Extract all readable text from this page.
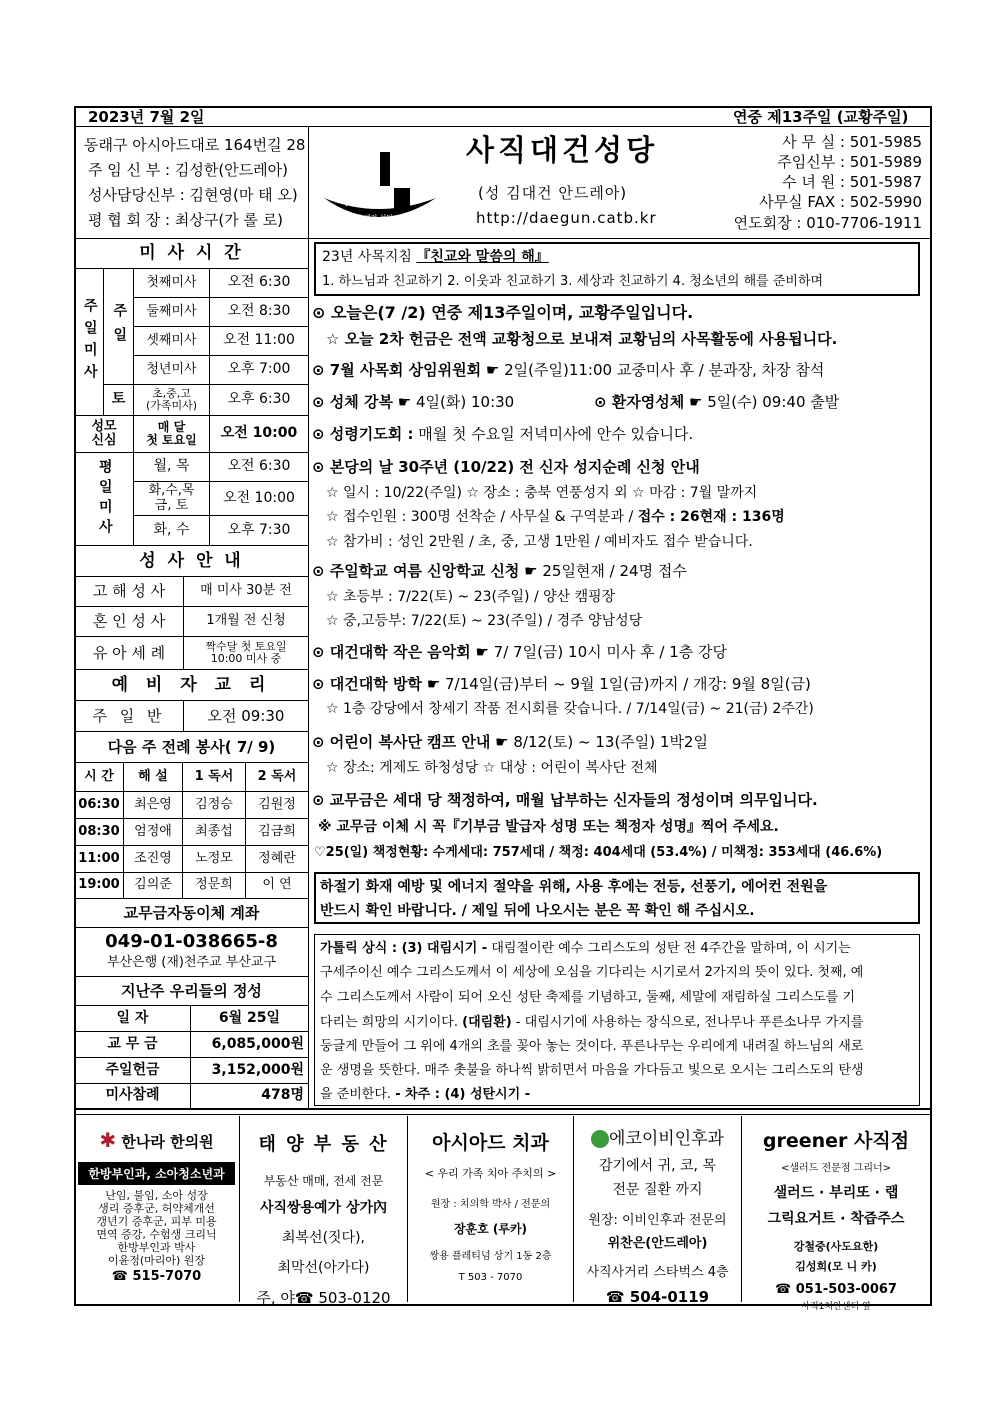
2023년 7월 2일	연중 제13주일 (교황주일)
동래구 아시아드대로 164번길 28
주 임 신 부 : 김성한(안드레아)
성사담당신부 : 김현영(마 태 오)
평 협 회 장 : 최상구(가 롤 로)	사직 대건 성당
사직대건성당
(성 김대건 안드레아)
http://daegun.catb.kr
사 무 실 : 501-5985
주임신부 : 501-5989
수 녀 원 : 501-5987
사무실 FAX : 502-5990
연도회장 : 010-7706-1911
미 사 시 간
주일미사 주일
토
첫째미사	오전 6:30
둘째미사	오전 8:30
셋째미사	오전 11:00
청년미사	오후 7:00
초,중,고
(가족미사)	오후 6:30
성모
신심
매 달
첫 토요일	오전 10:00
평일미사	월, 목	오전 6:30
화,수,목
금, 토	오전 10:00
화, 수	오후 7:30
성 사 안 내
고 해 성 사	매 미사 30분 전
혼 인 성 사	1개월 전 신청
유 아 세 례	짝수달 첫 토요일
10:00 미사 중
예 비 자 교 리
주 일 반	오전 09:30
다음 주 전례 봉사( 7/ 9)
시 간	해 설	1 독서	2 독서
06:30	최은영	김정승	김원정
08:30	엄정애	최종섭	김금희
11:00	조진영	노정모	정혜란
19:00	김의준	정문희	이 연
교무금자동이체 계좌
049-01-038665-8
부산은행 (재)천주교 부산교구
지난주 우리들의 정성
일 자	6월 25일
교 무 금	6,085,000원
주일헌금	3,152,000원
미사참례	478명
23년 사목지침 『친교와 말씀의 해』
1. 하느님과 친교하기 2. 이웃과 친교하기 3. 세상과 친교하기 4. 청소년의 해를 준비하며
⊙ 오늘은(7 /2) 연중 제13주일이며, 교황주일입니다.
☆ 오늘 2차 헌금은 전액 교황청으로 보내져 교황님의 사목활동에 사용됩니다.
⊙ 7월 사목회 상임위원회 ☛ 2일(주일)11:00 교중미사 후 / 분과장, 차장 참석
⊙ 성체 강복 ☛ 4일(화) 10:30	⊙ 환자영성체 ☛ 5일(수) 09:40 출발
⊙ 성령기도회 : 매월 첫 수요일 저녁미사에 안수 있습니다.
⊙ 본당의 날 30주년 (10/22) 전 신자 성지순례 신청 안내
☆ 일시 : 10/22(주일) ☆ 장소 : 충북 연풍성지 외 ☆ 마감 : 7월 말까지
☆ 접수인원 : 300명 선착순 / 사무실 & 구역분과 / 접수 : 26현재 : 136명
☆ 참가비 : 성인 2만원 / 초, 중, 고생 1만원 / 예비자도 접수 받습니다.
⊙ 주일학교 여름 신앙학교 신청 ☛ 25일현재 / 24명 접수
☆ 초등부 : 7/22(토) ~ 23(주일) / 양산 캠핑장
☆ 중,고등부: 7/22(토) ~ 23(주일) / 경주 양남성당
⊙ 대건대학 작은 음악회 ☛ 7/ 7일(금) 10시 미사 후 / 1층 강당
⊙ 대건대학 방학 ☛ 7/14일(금)부터 ~ 9월 1일(금)까지 / 개강: 9월 8일(금)
☆ 1층 강당에서 창세기 작품 전시회를 갖습니다. / 7/14일(금) ~ 21(금) 2주간)
⊙ 어린이 복사단 캠프 안내 ☛ 8/12(토) ~ 13(주일) 1박2일
☆ 장소: 게제도 하청성당 ☆ 대상 : 어린이 복사단 전체
⊙ 교무금은 세대 당 책정하여, 매월 납부하는 신자들의 정성이며 의무입니다.
※ 교무금 이체 시 꼭『기부금 발급자 성명 또는 책정자 성명』찍어 주세요.
♡25(일) 책정현황: 수게세대: 757세대 / 책정: 404세대 (53.4%) / 미책정: 353세대 (46.6%)
하절기 화재 예방 및 에너지 절약을 위해, 사용 후에는 전등, 선풍기, 에어컨 전원을
반드시 확인 바랍니다. / 제일 뒤에 나오시는 분은 꼭 확인 해 주십시오.
가톨릭 상식 : (3) 대림시기 - 대림절이란 예수 그리스도의 성탄 전 4주간을 말하며, 이 시기는
구세주이신 예수 그리스도께서 이 세상에 오심을 기다리는 시기로서 2가지의 뜻이 있다. 첫째, 예
수 그리스도께서 사람이 되어 오신 성탄 축제를 기념하고, 둘째, 세말에 재림하실 그리스도를 기
다리는 희망의 시기이다. (대림환) - 대림시기에 사용하는 장식으로, 전나무나 푸른소나무 가지를
둥글게 만들어 그 위에 4개의 초를 꽂아 놓는 것이다. 푸른나무는 우리에게 내려질 하느님의 새로
운 생명을 뜻한다. 매주 촛불을 하나씩 밝히면서 마음을 가다듬고 빛으로 오시는 그리스도의 탄생
을 준비한다. - 차주 : (4) 성탄시기 -
✱ 한나라 한의원
한방부인과, 소아청소년과
난임, 불임, 소아 성장
생리 증후군, 허약체개선
갱년기 증후군, 피부 미용
면역 증강, 수험생 크리닉
한방부인과 박사
이윤정(마리아) 원장
☎ 515-7070
태 양 부 동 산
부동산 매매, 전세 전문
사직쌍용예가 상가內
최복선(짓다),
최막선(아가다)
주, 야☎ 503-0120
아시아드 치과
< 우리 가족 치아 주치의 >
원장 : 치의학 박사 / 전문의
장훈호 (루카)
쌍용 플레티넘 상기 1동 2층
T 503 - 7070
에코이비인후과
감기에서 귀, 코, 목
전문 질환 까지
원장: 이비인후과 전문의
위찬은(안드레아)
사직사거리 스타벅스 4층
☎ 504-0119
greener 사직점
<샐러드 전문점 그리너>
샐러드 · 부리또 · 랩
그릭요거트 · 착즙주스
강철중(사도요한)
김성희(모 니 카)
☎ 051-503-0067
사직1치안센터 옆
